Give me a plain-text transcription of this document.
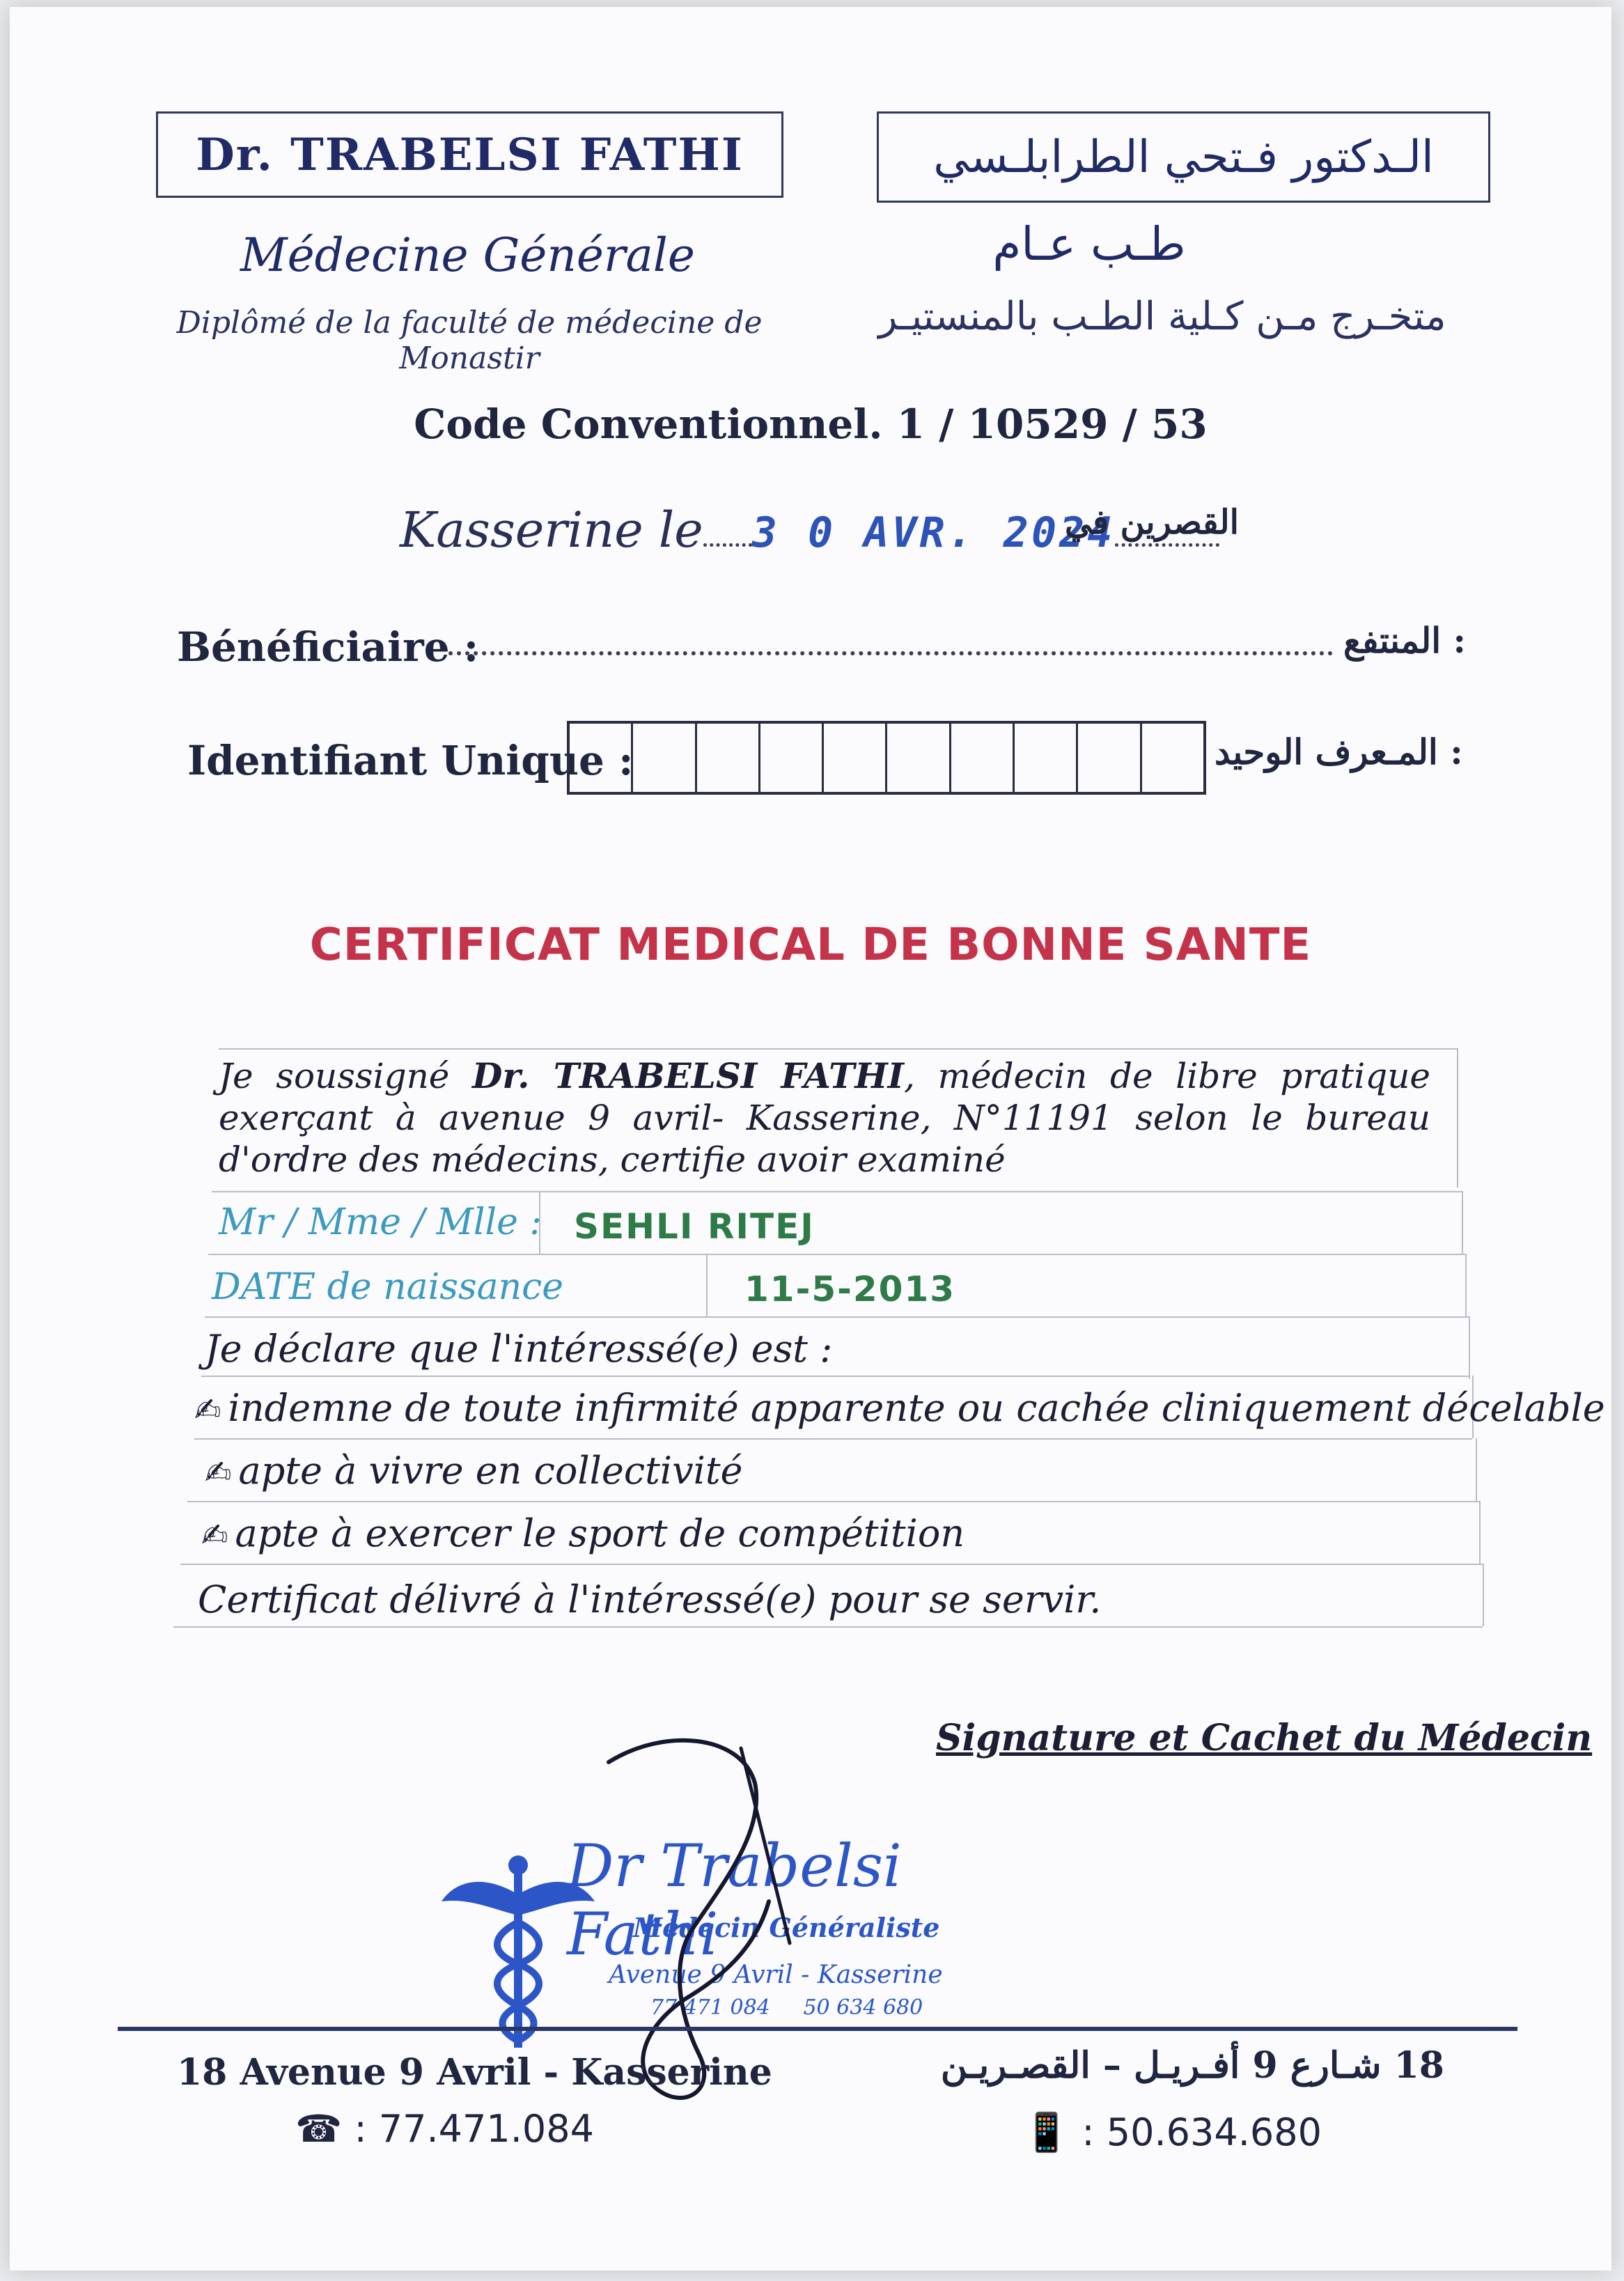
Dr. TRABELSI FATHI	الـدكتور فـتحي الطرابلـسي
Médecine Générale	طـب عـام
Diplômé de la faculté de médecine de Monastir
متخـرج مـن كـلية الطـب بالمنستيـر
Code Conventionnel. 1 / 10529 / 53
Kasserine le 3 0 AVR. 2024
القصرين في
Bénéficiaire :	: المنتفع
Identifiant Unique :	: المـعرف الوحيد
CERTIFICAT MEDICAL DE BONNE SANTE
Je soussigné Dr. TRABELSI FATHI, médecin de libre pratique exerçant à avenue 9 avril- Kasserine, N°11191 selon le bureau d'ordre des médecins, certifie avoir examiné
Mr / Mme / Mlle : SEHLI RITEJ
DATE de naissance	11-5-2013
Je déclare que l'intéressé(e) est :
✍ indemne de toute infirmité apparente ou cachée cliniquement décelable
✍ apte à vivre en collectivité
✍ apte à exercer le sport de compétition
Certificat délivré à l'intéressé(e) pour se servir.
Signature et Cachet du Médecin
Dr Trabelsi Fathi
Médecin Généraliste
Avenue 9 Avril - Kasserine
77 471 084     50 634 680
18 Avenue 9 Avril - Kasserine	18 شـارع 9 أفـريـل – القصـريـن
☎ : 77.471.084	📱 : 50.634.680
